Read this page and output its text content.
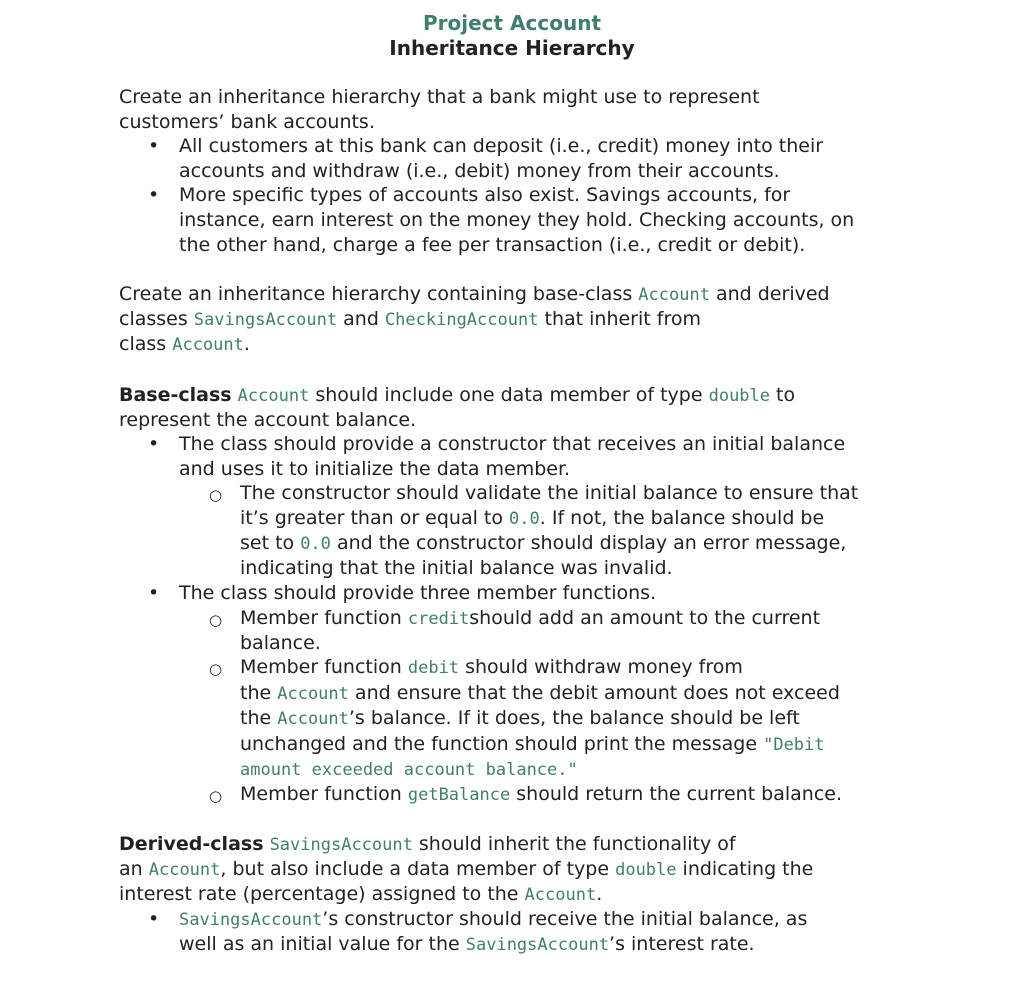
Project Account
Inheritance Hierarchy
Create an inheritance hierarchy that a bank might use to represent
customers’ bank accounts.
• All customers at this bank can deposit (i.e., credit) money into their
accounts and withdraw (i.e., debit) money from their accounts.
• More specific types of accounts also exist. Savings accounts, for
instance, earn interest on the money they hold. Checking accounts, on
the other hand, charge a fee per transaction (i.e., credit or debit).
Create an inheritance hierarchy containing base-class Account and derived
classes SavingsAccount and CheckingAccount that inherit from
class Account.
Base-class Account should include one data member of type double to
represent the account balance.
• The class should provide a constructor that receives an initial balance
and uses it to initialize the data member.
○ The constructor should validate the initial balance to ensure that
it’s greater than or equal to 0.0. If not, the balance should be
set to 0.0 and the constructor should display an error message,
indicating that the initial balance was invalid.
• The class should provide three member functions.
○ Member function creditshould add an amount to the current
balance.
○ Member function debit should withdraw money from
the Account and ensure that the debit amount does not exceed
the Account’s balance. If it does, the balance should be left
unchanged and the function should print the message "Debit
amount exceeded account balance."
○ Member function getBalance should return the current balance.
Derived-class SavingsAccount should inherit the functionality of
an Account, but also include a data member of type double indicating the
interest rate (percentage) assigned to the Account.
• SavingsAccount’s constructor should receive the initial balance, as
well as an initial value for the SavingsAccount’s interest rate.
